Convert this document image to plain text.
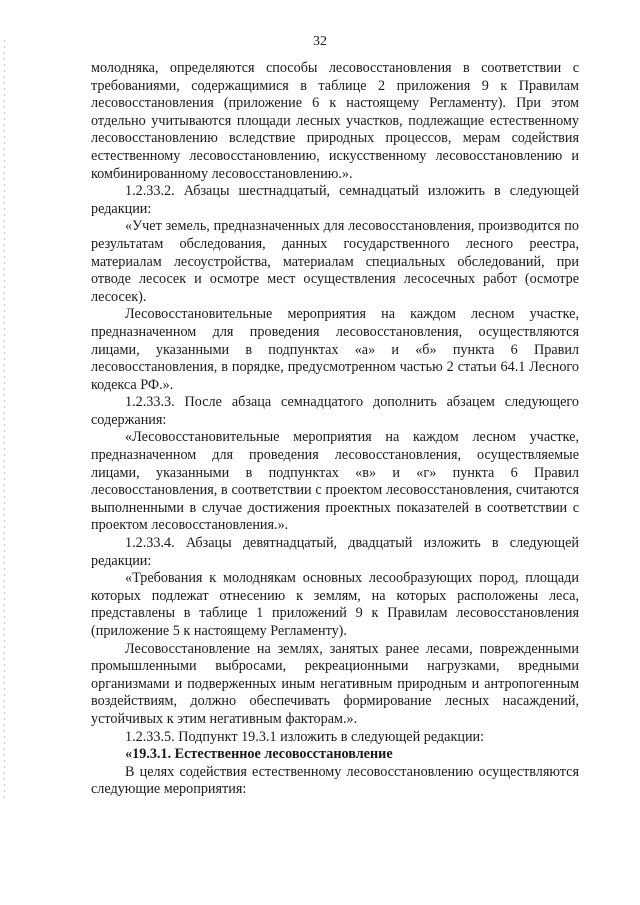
32

молодняка, определяются способы лесовосстановления в соответствии с требованиями, содержащимися в таблице 2 приложения 9 к Правилам лесовосстановления (приложение 6 к настоящему Регламенту). При этом отдельно учитываются площади лесных участков, подлежащие естественному лесовосстановлению вследствие природных процессов, мерам содействия естественному лесовосстановлению, искусственному лесовосстановлению и комбинированному лесовосстановлению.».

1.2.33.2. Абзацы шестнадцатый, семнадцатый изложить в следующей редакции:

«Учет земель, предназначенных для лесовосстановления, производится по результатам обследования, данных государственного лесного реестра, материалам лесоустройства, материалам специальных обследований, при отводе лесосек и осмотре мест осуществления лесосечных работ (осмотре лесосек).

Лесовосстановительные мероприятия на каждом лесном участке, предназначенном для проведения лесовосстановления, осуществляются лицами, указанными в подпунктах «а» и «б» пункта 6 Правил лесовосстановления, в порядке, предусмотренном частью 2 статьи 64.1 Лесного кодекса РФ.».

1.2.33.3. После абзаца семнадцатого дополнить абзацем следующего содержания:

«Лесовосстановительные мероприятия на каждом лесном участке, предназначенном для проведения лесовосстановления, осуществляемые лицами, указанными в подпунктах «в» и «г» пункта 6 Правил лесовосстановления, в соответствии с проектом лесовосстановления, считаются выполненными в случае достижения проектных показателей в соответствии с проектом лесовосстановления.».

1.2.33.4. Абзацы девятнадцатый, двадцатый изложить в следующей редакции:

«Требования к молоднякам основных лесообразующих пород, площади которых подлежат отнесению к землям, на которых расположены леса, представлены в таблице 1 приложений 9 к Правилам лесовосстановления (приложение 5 к настоящему Регламенту).

Лесовосстановление на землях, занятых ранее лесами, поврежденными промышленными выбросами, рекреационными нагрузками, вредными организмами и подверженных иным негативным природным и антропогенным воздействиям, должно обеспечивать формирование лесных насаждений, устойчивых к этим негативным факторам.».

1.2.33.5. Подпункт 19.3.1 изложить в следующей редакции:

«19.3.1. Естественное лесовосстановление

В целях содействия естественному лесовосстановлению осуществляются следующие мероприятия:
